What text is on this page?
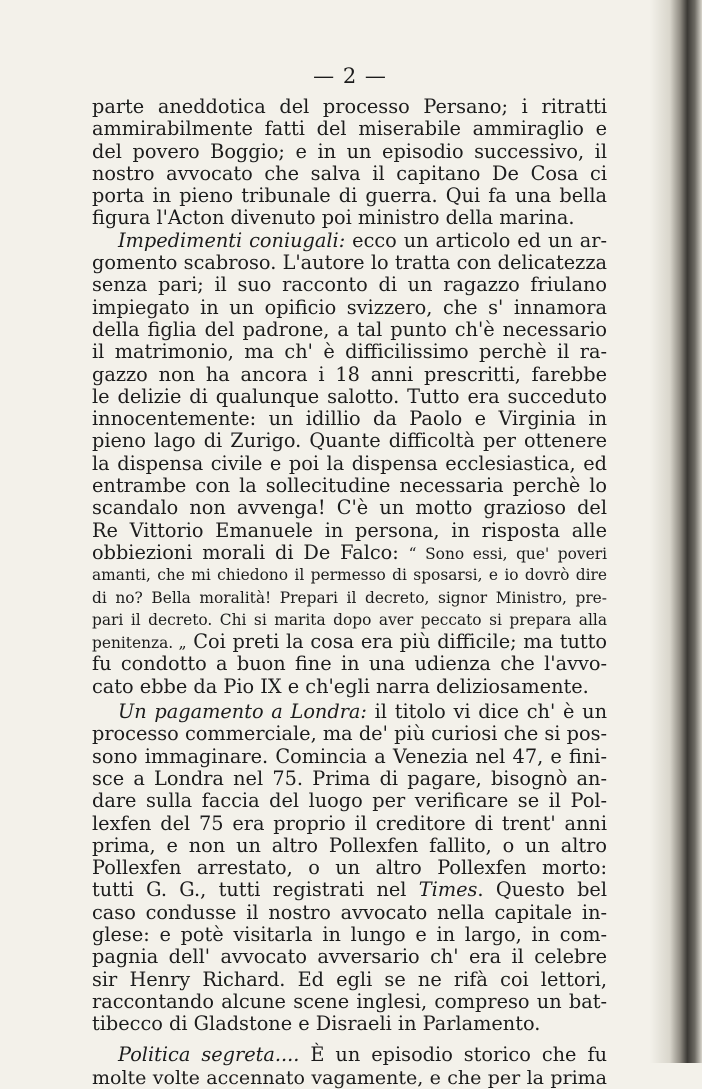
— 2 —
parte aneddotica del processo Persano; i ritratti
ammirabilmente fatti del miserabile ammiraglio e
del povero Boggio; e in un episodio successivo, il
nostro avvocato che salva il capitano De Cosa ci
porta in pieno tribunale di guerra. Qui fa una bella
figura l'Acton divenuto poi ministro della marina.
Impedimenti coniugali: ecco un articolo ed un ar-
gomento scabroso. L'autore lo tratta con delicatezza
senza pari; il suo racconto di un ragazzo friulano
impiegato in un opificio svizzero, che s' innamora
della figlia del padrone, a tal punto ch'è necessario
il matrimonio, ma ch' è difficilissimo perchè il ra-
gazzo non ha ancora i 18 anni prescritti, farebbe
le delizie di qualunque salotto. Tutto era succeduto
innocentemente: un idillio da Paolo e Virginia in
pieno lago di Zurigo. Quante difficoltà per ottenere
la dispensa civile e poi la dispensa ecclesiastica, ed
entrambe con la sollecitudine necessaria perchè lo
scandalo non avvenga! C'è un motto grazioso del
Re Vittorio Emanuele in persona, in risposta alle
obbiezioni morali di De Falco: “ Sono essi, que' poveri
amanti, che mi chiedono il permesso di sposarsi, e io dovrò dire
di no? Bella moralità! Prepari il decreto, signor Ministro, pre-
pari il decreto. Chi si marita dopo aver peccato si prepara alla
penitenza. „ Coi preti la cosa era più difficile; ma tutto
fu condotto a buon fine in una udienza che l'avvo-
cato ebbe da Pio IX e ch'egli narra deliziosamente.
Un pagamento a Londra: il titolo vi dice ch' è un
processo commerciale, ma de' più curiosi che si pos-
sono immaginare. Comincia a Venezia nel 47, e fini-
sce a Londra nel 75. Prima di pagare, bisognò an-
dare sulla faccia del luogo per verificare se il Pol-
lexfen del 75 era proprio il creditore di trent' anni
prima, e non un altro Pollexfen fallito, o un altro
Pollexfen arrestato, o un altro Pollexfen morto:
tutti G. G., tutti registrati nel Times. Questo bel
caso condusse il nostro avvocato nella capitale in-
glese: e potè visitarla in lungo e in largo, in com-
pagnia dell' avvocato avversario ch' era il celebre
sir Henry Richard. Ed egli se ne rifà coi lettori,
raccontando alcune scene inglesi, compreso un bat-
tibecco di Gladstone e Disraeli in Parlamento.
Politica segreta.... È un episodio storico che fu
molte volte accennato vagamente, e che per la prima
